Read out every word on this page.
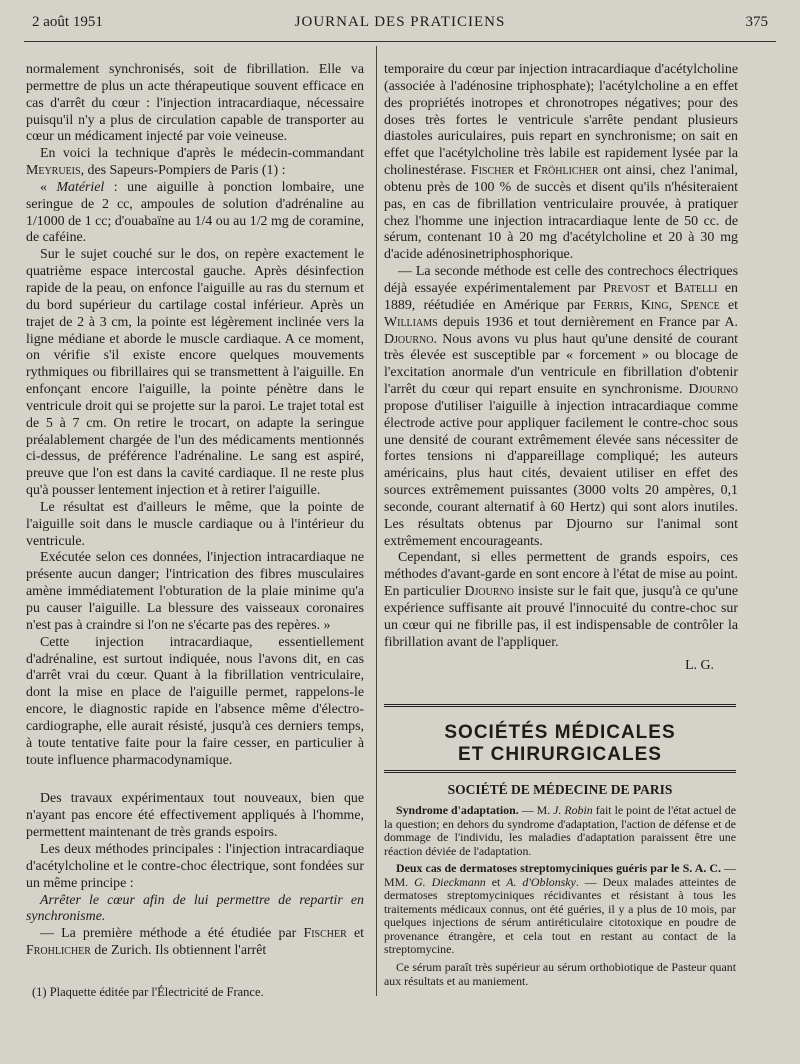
2 août 1951	JOURNAL DES PRATICIENS	375

normalement synchronisés, soit de fibrillation. Elle va permettre de plus un acte thérapeutique souvent efficace en cas d'arrêt du cœur : l'injection intracardiaque, nécessaire puisqu'il n'y a plus de circulation capable de transporter au cœur un médicament injecté par voie veineuse.

En voici la technique d'après le médecin-commandant Meyrueis, des Sapeurs-Pompiers de Paris (1) :

« Matériel : une aiguille à ponction lombaire, une seringue de 2 cc, ampoules de solution d'adrénaline au 1/1000 de 1 cc; d'ouabaïne au 1/4 ou au 1/2 mg de coramine, de caféine.

Sur le sujet couché sur le dos, on repère exactement le quatrième espace intercostal gauche. Après désinfection rapide de la peau, on enfonce l'aiguille au ras du sternum et du bord supérieur du cartilage costal inférieur. Après un trajet de 2 à 3 cm, la pointe est légèrement inclinée vers la ligne médiane et aborde le muscle cardiaque. A ce moment, on vérifie s'il existe encore quelques mouvements rythmiques ou fibrillaires qui se transmettent à l'aiguille. En enfonçant encore l'aiguille, la pointe pénètre dans le ventricule droit qui se projette sur la paroi. Le trajet total est de 5 à 7 cm. On retire le trocart, on adapte la seringue préalablement chargée de l'un des médicaments mentionnés ci-dessus, de préférence l'adrénaline. Le sang est aspiré, preuve que l'on est dans la cavité cardiaque. Il ne reste plus qu'à pousser lentement injection et à retirer l'aiguille.

Le résultat est d'ailleurs le même, que la pointe de l'aiguille soit dans le muscle cardiaque ou à l'intérieur du ventricule.

Exécutée selon ces données, l'injection intracardiaque ne présente aucun danger; l'intrication des fibres musculaires amène immédiatement l'obturation de la plaie minime qu'a pu causer l'aiguille. La blessure des vaisseaux coronaires n'est pas à craindre si l'on ne s'écarte pas des repères. »

Cette injection intracardiaque, essentiellement d'adrénaline, est surtout indiquée, nous l'avons dit, en cas d'arrêt vrai du cœur. Quant à la fibrillation ventriculaire, dont la mise en place de l'aiguille permet, rappelons-le encore, le diagnostic rapide en l'absence même d'électro-cardiographe, elle aurait résisté, jusqu'à ces derniers temps, à toute tentative faite pour la faire cesser, en particulier à toute influence pharmacodynamique.

Des travaux expérimentaux tout nouveaux, bien que n'ayant pas encore été effectivement appliqués à l'homme, permettent maintenant de très grands espoirs.

Les deux méthodes principales : l'injection intracardiaque d'acétylcholine et le contre-choc électrique, sont fondées sur un même principe :

Arrêter le cœur afin de lui permettre de repartir en synchronisme.

— La première méthode a été étudiée par Fischer et Frohlicher de Zurich. Ils obtiennent l'arrêt

(1) Plaquette éditée par l'Électricité de France.

temporaire du cœur par injection intracardiaque d'acétylcholine (associée à l'adénosine triphosphate); l'acétylcholine a en effet des propriétés inotropes et chronotropes négatives; pour des doses très fortes le ventricule s'arrête pendant plusieurs diastoles auriculaires, puis repart en synchronisme; on sait en effet que l'acétylcholine très labile est rapidement lysée par la cholinestérase. Fischer et Fröhlicher ont ainsi, chez l'animal, obtenu près de 100 % de succès et disent qu'ils n'hésiteraient pas, en cas de fibrillation ventriculaire prouvée, à pratiquer chez l'homme une injection intracardiaque lente de 50 cc. de sérum, contenant 10 à 20 mg d'acétylcholine et 20 à 30 mg d'acide adénosinetriphosphorique.

— La seconde méthode est celle des contrechocs électriques déjà essayée expérimentalement par Prevost et Batelli en 1889, réétudiée en Amérique par Ferris, King, Spence et Williams depuis 1936 et tout dernièrement en France par A. Djourno. Nous avons vu plus haut qu'une densité de courant très élevée est susceptible par « forcement » ou blocage de l'excitation anormale d'un ventricule en fibrillation d'obtenir l'arrêt du cœur qui repart ensuite en synchronisme. Djourno propose d'utiliser l'aiguille à injection intracardiaque comme électrode active pour appliquer facilement le contre-choc sous une densité de courant extrêmement élevée sans nécessiter de fortes tensions ni d'appareillage compliqué; les auteurs américains, plus haut cités, devaient utiliser en effet des sources extrêmement puissantes (3000 volts 20 ampères, 0,1 seconde, courant alternatif à 60 Hertz) qui sont alors inutiles. Les résultats obtenus par Djourno sur l'animal sont extrêmement encourageants.

Cependant, si elles permettent de grands espoirs, ces méthodes d'avant-garde en sont encore à l'état de mise au point. En particulier Djourno insiste sur le fait que, jusqu'à ce qu'une expérience suffisante ait prouvé l'innocuité du contre-choc sur un cœur qui ne fibrille pas, il est indispensable de contrôler la fibrillation avant de l'appliquer.

L. G.
SOCIÉTÉS MÉDICALES
ET CHIRURGICALES
SOCIÉTÉ DE MÉDECINE DE PARIS

Syndrome d'adaptation. — M. J. Robin fait le point de l'état actuel de la question; en dehors du syndrome d'adaptation, l'action de défense et de dommage de l'individu, les maladies d'adaptation paraissent être une réaction déviée de l'adaptation.

Deux cas de dermatoses streptomyciniques guéris par le S. A. C. — MM. G. Dieckmann et A. d'Oblonsky. — Deux malades atteintes de dermatoses streptomyciniques récidivantes et résistant à tous les traitements médicaux connus, ont été guéries, il y a plus de 10 mois, par quelques injections de sérum antiréticulaire citotoxique en poudre de provenance étrangère, et cela tout en restant au contact de la streptomycine.

Ce sérum paraît très supérieur au sérum orthobiotique de Pasteur quant aux résultats et au maniement.
